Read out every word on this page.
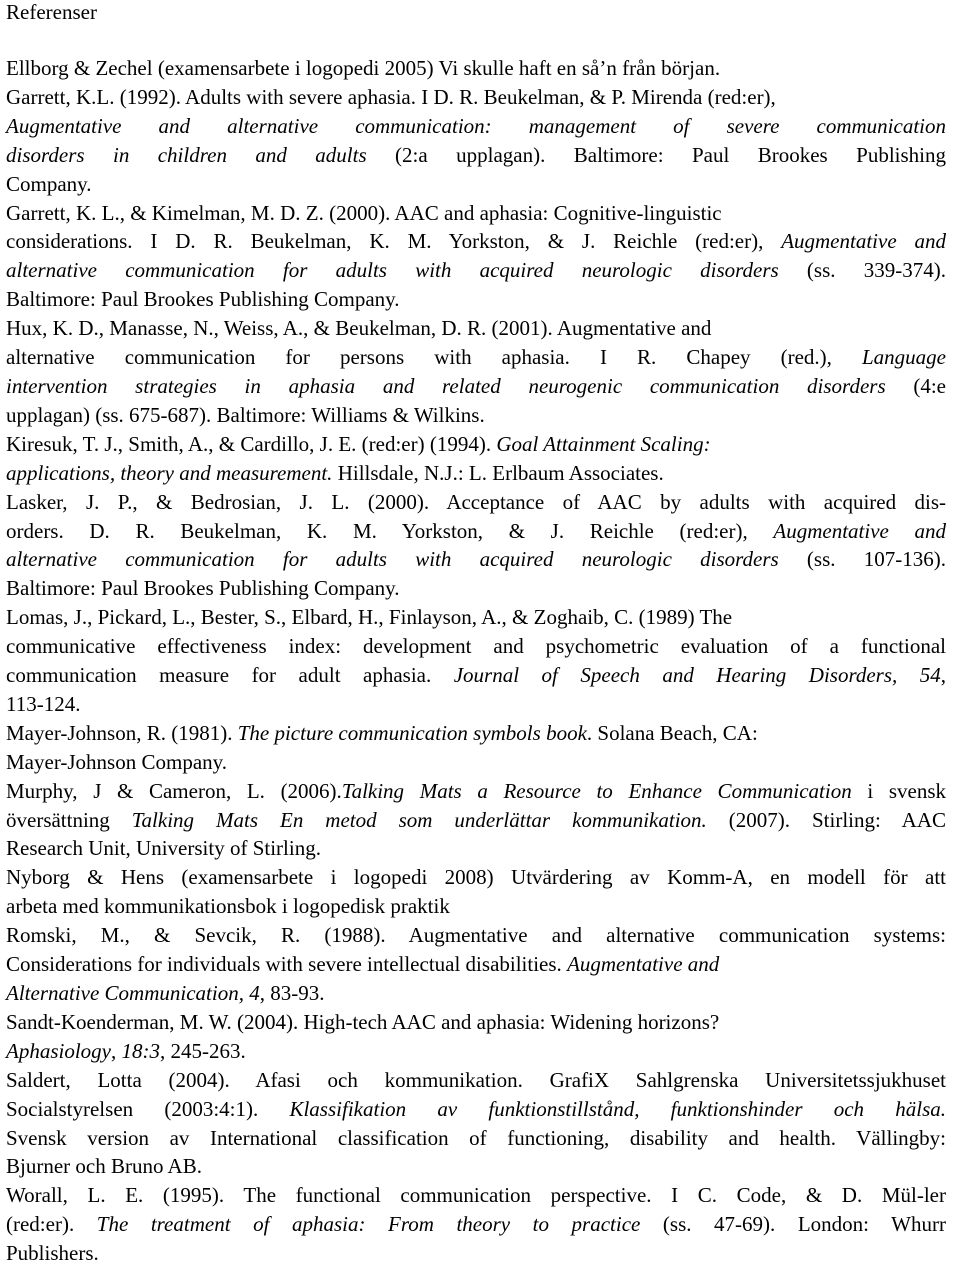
Referenser
Ellborg & Zechel (examensarbete i logopedi 2005) Vi skulle haft en så’n från början.
Garrett, K.L. (1992). Adults with severe aphasia. I D. R. Beukelman, & P. Mirenda (red:er),
Augmentative and alternative communication: management of severe communication
disorders in children and adults (2:a upplagan). Baltimore: Paul Brookes Publishing
Company.
Garrett, K. L., & Kimelman, M. D. Z. (2000). AAC and aphasia: Cognitive-linguistic
considerations. I D. R. Beukelman, K. M. Yorkston, & J. Reichle (red:er), Augmentative and
alternative communication for adults with acquired neurologic disorders (ss. 339-374).
Baltimore: Paul Brookes Publishing Company.
Hux, K. D., Manasse, N., Weiss, A., & Beukelman, D. R. (2001). Augmentative and
alternative communication for persons with aphasia. I R. Chapey (red.), Language
intervention strategies in aphasia and related neurogenic communication disorders (4:e
upplagan) (ss. 675-687). Baltimore: Williams & Wilkins.
Kiresuk, T. J., Smith, A., & Cardillo, J. E. (red:er) (1994). Goal Attainment Scaling:
applications, theory and measurement. Hillsdale, N.J.: L. Erlbaum Associates.
Lasker, J. P., & Bedrosian, J. L. (2000). Acceptance of AAC by adults with acquired dis-
orders. D. R. Beukelman, K. M. Yorkston, & J. Reichle (red:er), Augmentative and
alternative communication for adults with acquired neurologic disorders (ss. 107-136).
Baltimore: Paul Brookes Publishing Company.
Lomas, J., Pickard, L., Bester, S., Elbard, H., Finlayson, A., & Zoghaib, C. (1989) The
communicative effectiveness index: development and psychometric evaluation of a functional
communication measure for adult aphasia. Journal of Speech and Hearing Disorders, 54,
113-124.
Mayer-Johnson, R. (1981). The picture communication symbols book. Solana Beach, CA:
Mayer-Johnson Company.
Murphy, J & Cameron, L. (2006).Talking Mats a Resource to Enhance Communication i svensk
översättning Talking Mats En metod som underlättar kommunikation. (2007). Stirling: AAC
Research Unit, University of Stirling.
Nyborg & Hens (examensarbete i logopedi 2008) Utvärdering av Komm-A, en modell för att
arbeta med kommunikationsbok i logopedisk praktik
Romski, M., & Sevcik, R. (1988). Augmentative and alternative communication systems:
Considerations for individuals with severe intellectual disabilities. Augmentative and
Alternative Communication, 4, 83-93.
Sandt-Koenderman, M. W. (2004). High-tech AAC and aphasia: Widening horizons?
Aphasiology, 18:3, 245-263.
Saldert, Lotta (2004). Afasi och kommunikation. GrafiX Sahlgrenska Universitetssjukhuset
Socialstyrelsen (2003:4:1). Klassifikation av funktionstillstånd, funktionshinder och hälsa.
Svensk version av International classification of functioning, disability and health. Vällingby:
Bjurner och Bruno AB.
Worall, L. E. (1995). The functional communication perspective. I C. Code, & D. Mül-ler
(red:er). The treatment of aphasia: From theory to practice (ss. 47-69). London: Whurr
Publishers.
